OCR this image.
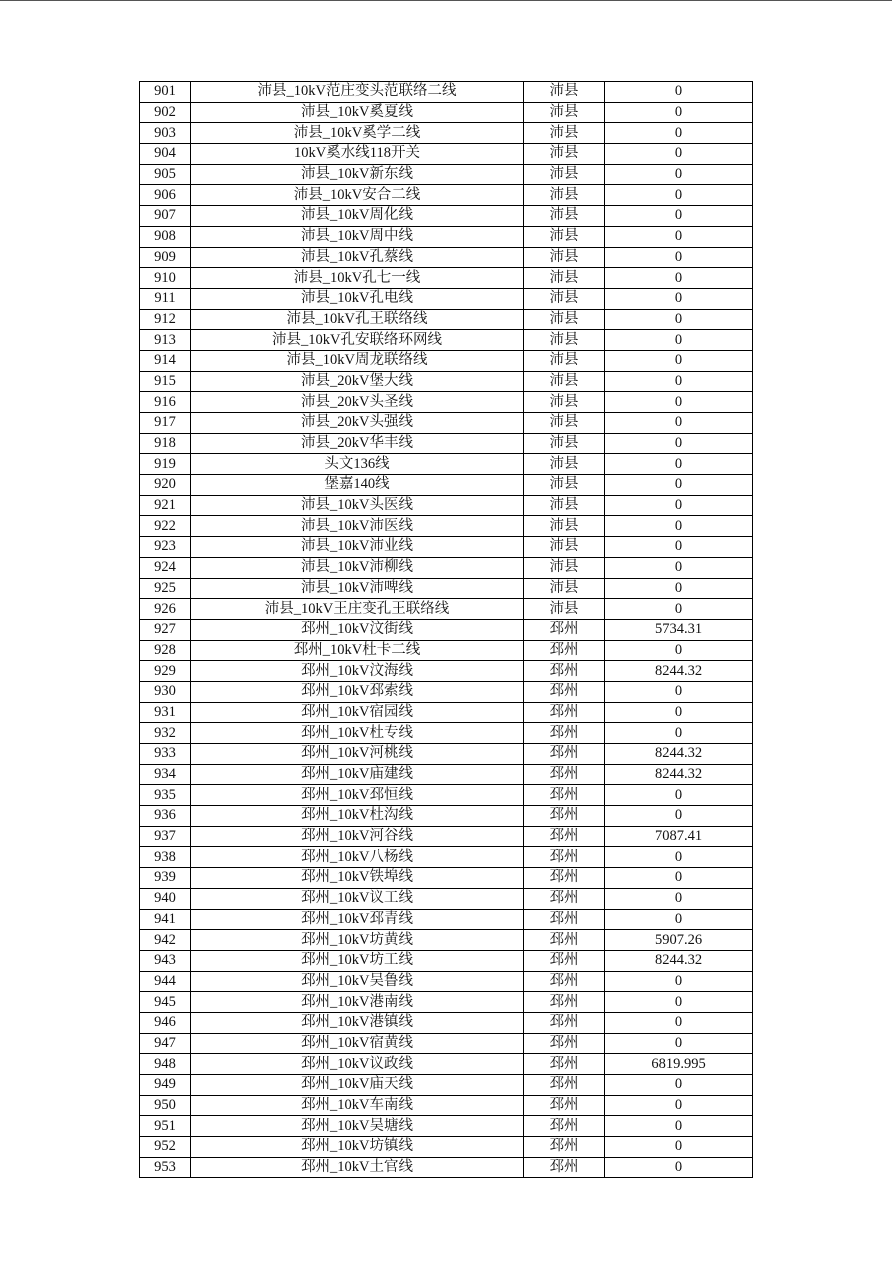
901	沛县_10kV范庄变头范联络二线	沛县	0
902	沛县_10kV奚夏线	沛县	0
903	沛县_10kV奚学二线	沛县	0
904	10kV奚水线118开关	沛县	0
905	沛县_10kV新东线	沛县	0
906	沛县_10kV安合二线	沛县	0
907	沛县_10kV周化线	沛县	0
908	沛县_10kV周中线	沛县	0
909	沛县_10kV孔蔡线	沛县	0
910	沛县_10kV孔七一线	沛县	0
911	沛县_10kV孔电线	沛县	0
912	沛县_10kV孔王联络线	沛县	0
913	沛县_10kV孔安联络环网线	沛县	0
914	沛县_10kV周龙联络线	沛县	0
915	沛县_20kV堡大线	沛县	0
916	沛县_20kV头圣线	沛县	0
917	沛县_20kV头强线	沛县	0
918	沛县_20kV华丰线	沛县	0
919	头文136线	沛县	0
920	堡嘉140线	沛县	0
921	沛县_10kV头医线	沛县	0
922	沛县_10kV沛医线	沛县	0
923	沛县_10kV沛业线	沛县	0
924	沛县_10kV沛柳线	沛县	0
925	沛县_10kV沛啤线	沛县	0
926	沛县_10kV王庄变孔王联络线	沛县	0
927	邳州_10kV汶街线	邳州	5734.31
928	邳州_10kV杜卡二线	邳州	0
929	邳州_10kV汶海线	邳州	8244.32
930	邳州_10kV邳索线	邳州	0
931	邳州_10kV宿园线	邳州	0
932	邳州_10kV杜专线	邳州	0
933	邳州_10kV河桃线	邳州	8244.32
934	邳州_10kV庙建线	邳州	8244.32
935	邳州_10kV邳恒线	邳州	0
936	邳州_10kV杜沟线	邳州	0
937	邳州_10kV河谷线	邳州	7087.41
938	邳州_10kV八杨线	邳州	0
939	邳州_10kV铁埠线	邳州	0
940	邳州_10kV议工线	邳州	0
941	邳州_10kV邳青线	邳州	0
942	邳州_10kV坊黄线	邳州	5907.26
943	邳州_10kV坊工线	邳州	8244.32
944	邳州_10kV吴鲁线	邳州	0
945	邳州_10kV港南线	邳州	0
946	邳州_10kV港镇线	邳州	0
947	邳州_10kV宿黄线	邳州	0
948	邳州_10kV议政线	邳州	6819.995
949	邳州_10kV庙天线	邳州	0
950	邳州_10kV车南线	邳州	0
951	邳州_10kV吴塘线	邳州	0
952	邳州_10kV坊镇线	邳州	0
953	邳州_10kV土官线	邳州	0
